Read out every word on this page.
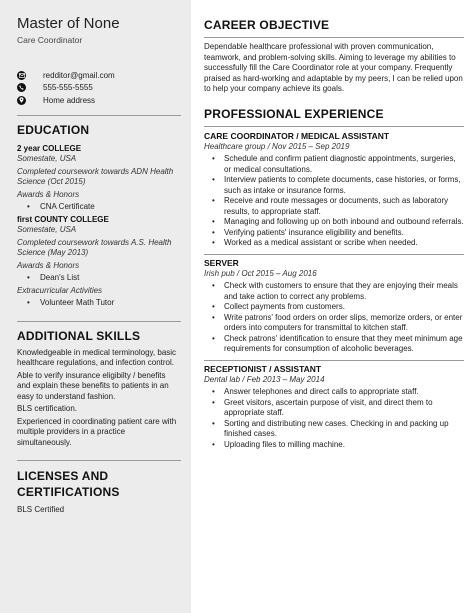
Master of None
Care Coordinator
redditor@gmail.com
555-555-5555
Home address
EDUCATION
2 year COLLEGE
Somestate, USA
Completed coursework towards ADN Health Science (Oct 2015)
Awards & Honors
•	CNA Certificate
first COUNTY COLLEGE
Somestate, USA
Completed coursework towards A.S. Health Science (May 2013)
Awards & Honors
•	Dean's List
Extracurricular Activities
•	Volunteer Math Tutor
ADDITIONAL SKILLS
Knowledgeable in medical terminology, basic healthcare regulations, and infection control.
Able to verify insurance eligibilty / benefits and explain these benefits to patients in an easy to understand fashion.
BLS certification.
Experienced in coordinating patient care with multiple providers in a practice simultaneously.
LICENSES AND
CERTIFICATIONS
BLS Certified
CAREER OBJECTIVE
Dependable healthcare professional with proven communication, teamwork, and problem-solving skills. Aiming to leverage my abilities to successfully fill the Care Coordinator role at your company. Frequently praised as hard-working and adaptable by my peers, I can be relied upon to help your company achieve its goals.
PROFESSIONAL EXPERIENCE
CARE COORDINATOR / MEDICAL ASSISTANT
Healthcare group / Nov 2015 – Sep 2019
•	Schedule and confirm patient diagnostic appointments, surgeries, or medical consultations.
•	Interview patients to complete documents, case histories, or forms, such as intake or insurance forms.
•	Receive and route messages or documents, such as laboratory results, to appropriate staff.
•	Managing and following up on both inbound and outbound referrals.
•	Verifying patients' insurance eligibility and benefits.
•	Worked as a medical assistant or scribe when needed.
SERVER
Irish pub / Oct 2015 – Aug 2016
•	Check with customers to ensure that they are enjoying their meals and take action to correct any problems.
•	Collect payments from customers.
•	Write patrons' food orders on order slips, memorize orders, or enter orders into computers for transmittal to kitchen staff.
•	Check patrons' identification to ensure that they meet minimum age requirements for consumption of alcoholic beverages.
RECEPTIONIST / ASSISTANT
Dental lab / Feb 2013 – May 2014
•	Answer telephones and direct calls to appropriate staff.
•	Greet visitors, ascertain purpose of visit, and direct them to appropriate staff.
•	Sorting and distributing new cases. Checking in and packing up finished cases.
•	Uploading files to milling machine.
